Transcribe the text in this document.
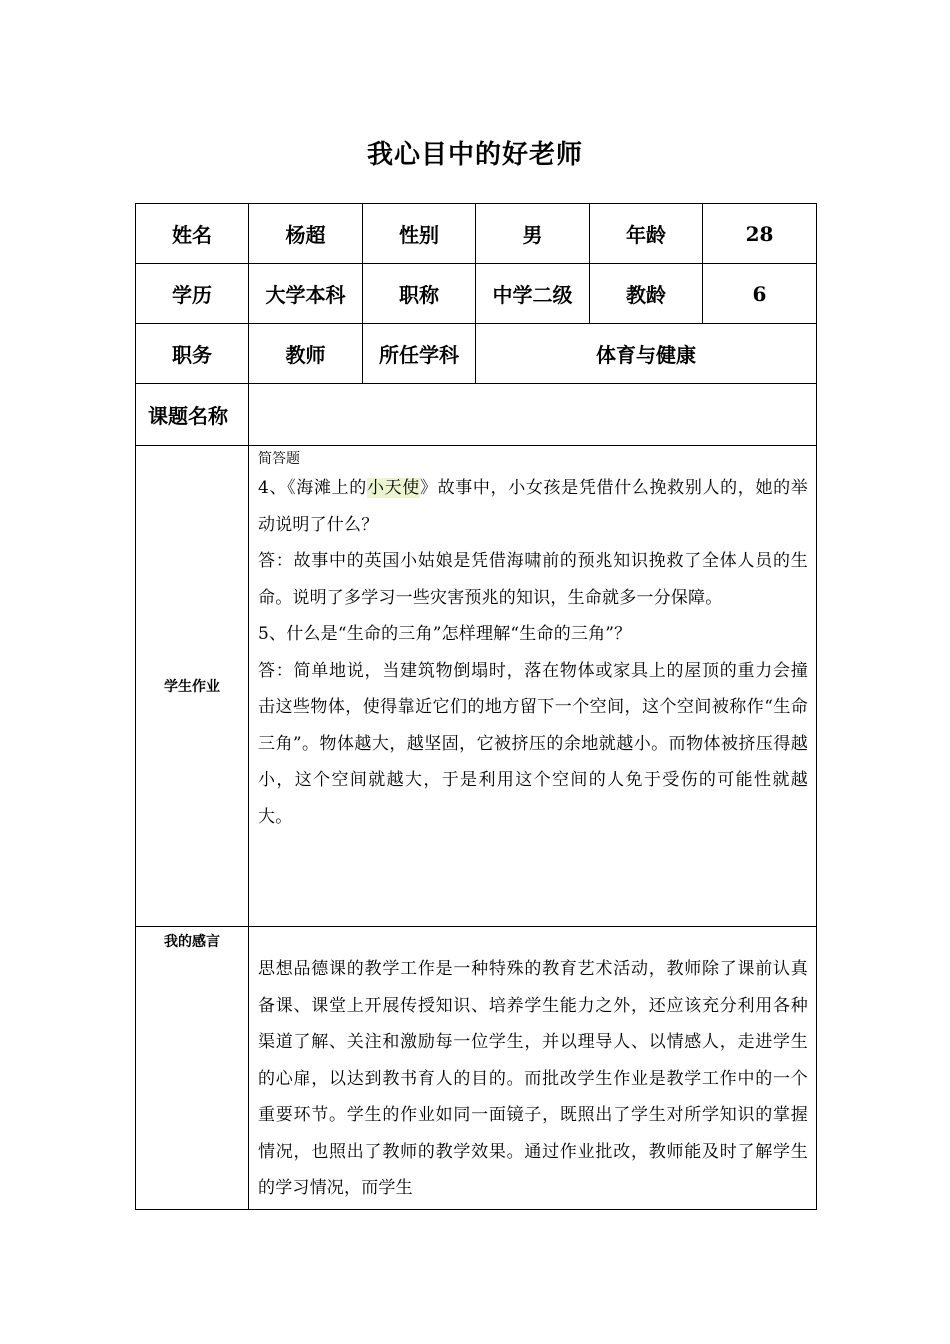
我心目中的好老师
姓名	杨超	性别	男	年龄	28
学历	大学本科	职称	中学二级	教龄	6
职务	教师	所任学科	体育与健康		
课题名称					
学生作业	简答题
4、《海滩上的小天使》故事中，小女孩是凭借什么挽救别人的，她的举动说明了什么？
答：故事中的英国小姑娘是凭借海啸前的预兆知识挽救了全体人员的生命。说明了多学习一些灾害预兆的知识，生命就多一分保障。
5、什么是“生命的三角”怎样理解“生命的三角”？
答：简单地说，当建筑物倒塌时，落在物体或家具上的屋顶的重力会撞击这些物体，使得靠近它们的地方留下一个空间，这个空间被称作“生命三角”。物体越大，越坚固，它被挤压的余地就越小。而物体被挤压得越小，这个空间就越大，于是利用这个空间的人免于受伤的可能性就越大。				

我的感言	思想品德课的教学工作是一种特殊的教育艺术活动，教师除了课前认真备课、课堂上开展传授知识、培养学生能力之外，还应该充分利用各种渠道了解、关注和激励每一位学生，并以理导人、以情感人，走进学生的心扉，以达到教书育人的目的。而批改学生作业是教学工作中的一个重要环节。学生的作业如同一面镜子，既照出了学生对所学知识的掌握情况，也照出了教师的教学效果。通过作业批改，教师能及时了解学生的学习情况，而学生				
